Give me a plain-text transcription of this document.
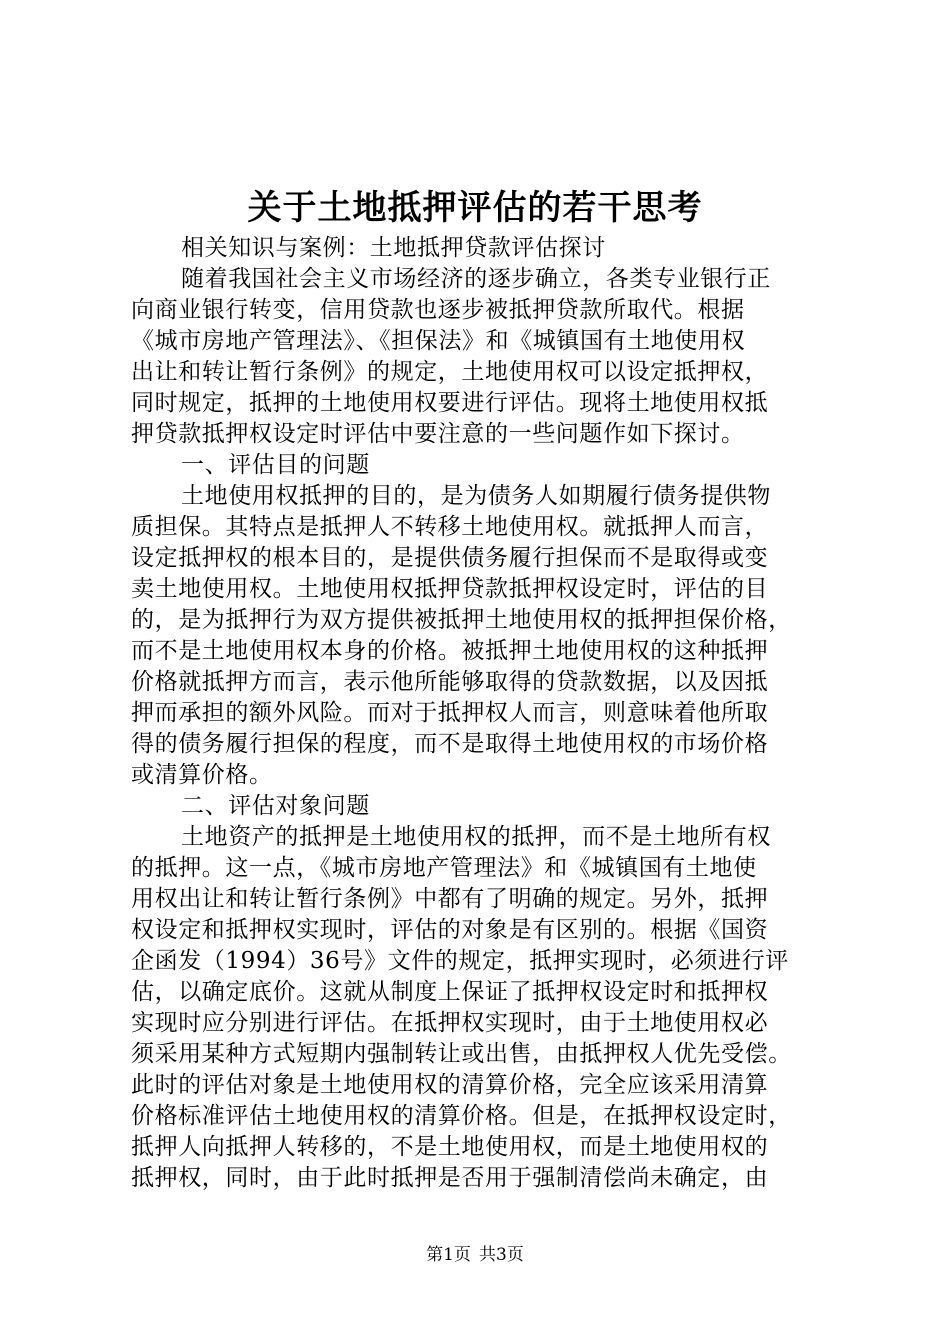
关于土地抵押评估的若干思考
相关知识与案例：土地抵押贷款评估探讨
随着我国社会主义市场经济的逐步确立，各类专业银行正
向商业银行转变，信用贷款也逐步被抵押贷款所取代。根据
《城市房地产管理法》、《担保法》和《城镇国有土地使用权
出让和转让暂行条例》的规定，土地使用权可以设定抵押权，
同时规定，抵押的土地使用权要进行评估。现将土地使用权抵
押贷款抵押权设定时评估中要注意的一些问题作如下探讨。
一、评估目的问题
土地使用权抵押的目的，是为债务人如期履行债务提供物
质担保。其特点是抵押人不转移土地使用权。就抵押人而言，
设定抵押权的根本目的，是提供债务履行担保而不是取得或变
卖土地使用权。土地使用权抵押贷款抵押权设定时，评估的目
的，是为抵押行为双方提供被抵押土地使用权的抵押担保价格，
而不是土地使用权本身的价格。被抵押土地使用权的这种抵押
价格就抵押方而言，表示他所能够取得的贷款数据，以及因抵
押而承担的额外风险。而对于抵押权人而言，则意味着他所取
得的债务履行担保的程度，而不是取得土地使用权的市场价格
或清算价格。
二、评估对象问题
土地资产的抵押是土地使用权的抵押，而不是土地所有权
的抵押。这一点，《城市房地产管理法》和《城镇国有土地使
用权出让和转让暂行条例》中都有了明确的规定。另外，抵押
权设定和抵押权实现时，评估的对象是有区别的。根据《国资
企函发（1994）36号》文件的规定，抵押实现时，必须进行评
估，以确定底价。这就从制度上保证了抵押权设定时和抵押权
实现时应分别进行评估。在抵押权实现时，由于土地使用权必
须采用某种方式短期内强制转让或出售，由抵押权人优先受偿。
此时的评估对象是土地使用权的清算价格，完全应该采用清算
价格标准评估土地使用权的清算价格。但是，在抵押权设定时，
抵押人向抵押人转移的，不是土地使用权，而是土地使用权的
抵押权，同时，由于此时抵押是否用于强制清偿尚未确定，由

第1页 共3页
